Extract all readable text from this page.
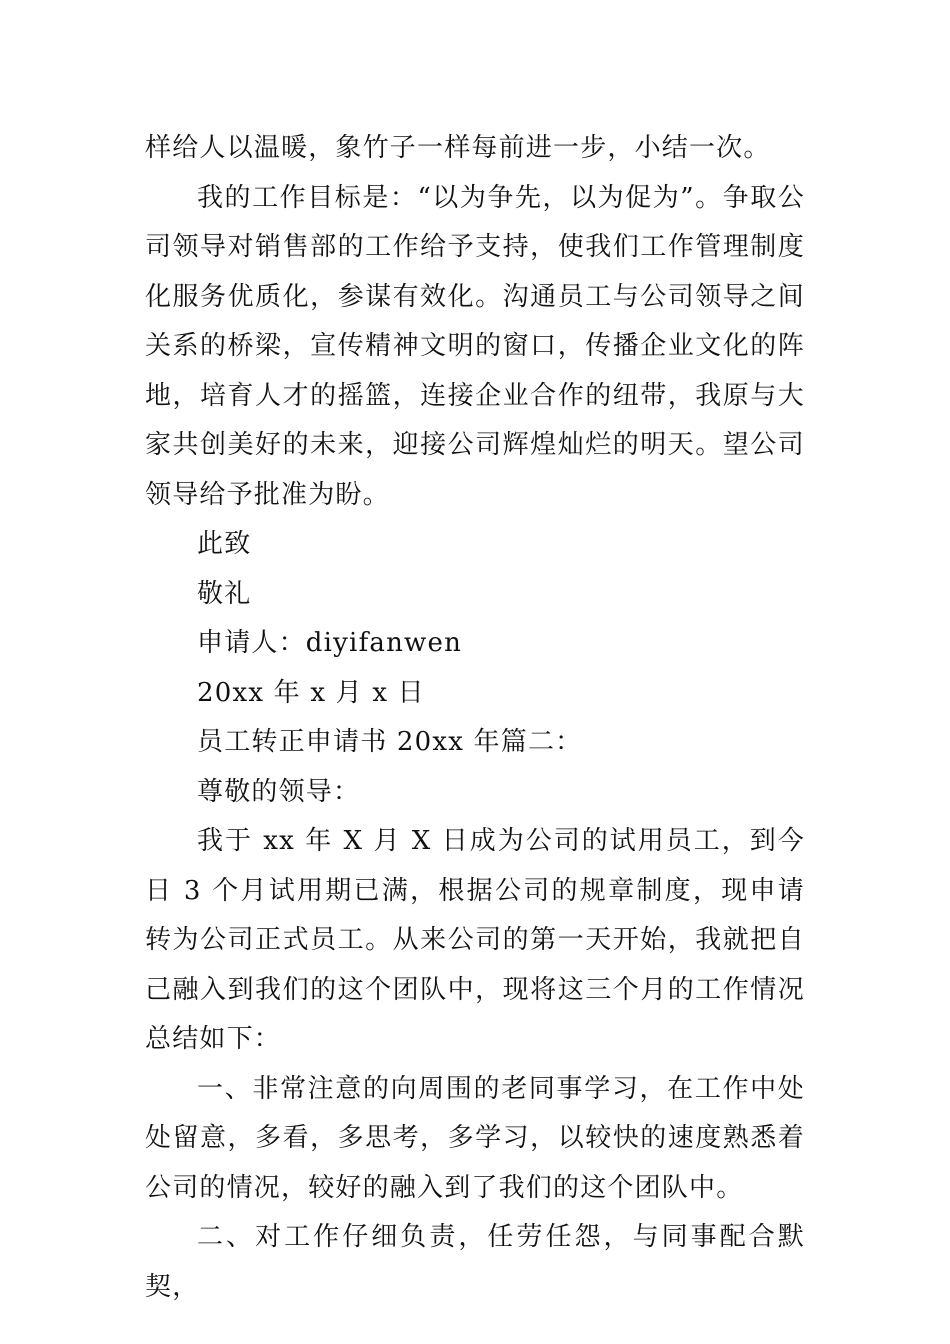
样给人以温暖，象竹子一样每前进一步，小结一次。

我的工作目标是：“以为争先，以为促为”。争取公司领导对销售部的工作给予支持，使我们工作管理制度化服务优质化，参谋有效化。沟通员工与公司领导之间关系的桥梁，宣传精神文明的窗口，传播企业文化的阵地，培育人才的摇篮，连接企业合作的纽带，我原与大家共创美好的未来，迎接公司辉煌灿烂的明天。望公司领导给予批准为盼。

此致

敬礼

申请人：diyifanwen

20xx 年 x 月 x 日

员工转正申请书 20xx 年篇二：

尊敬的领导：

我于 xx 年 X 月 X 日成为公司的试用员工，到今日 3 个月试用期已满，根据公司的规章制度，现申请转为公司正式员工。从来公司的第一天开始，我就把自己融入到我们的这个团队中，现将这三个月的工作情况总结如下：

一、非常注意的向周围的老同事学习，在工作中处处留意，多看，多思考，多学习，以较快的速度熟悉着公司的情况，较好的融入到了我们的这个团队中。

二、对工作仔细负责，任劳任怨，与同事配合默契，
